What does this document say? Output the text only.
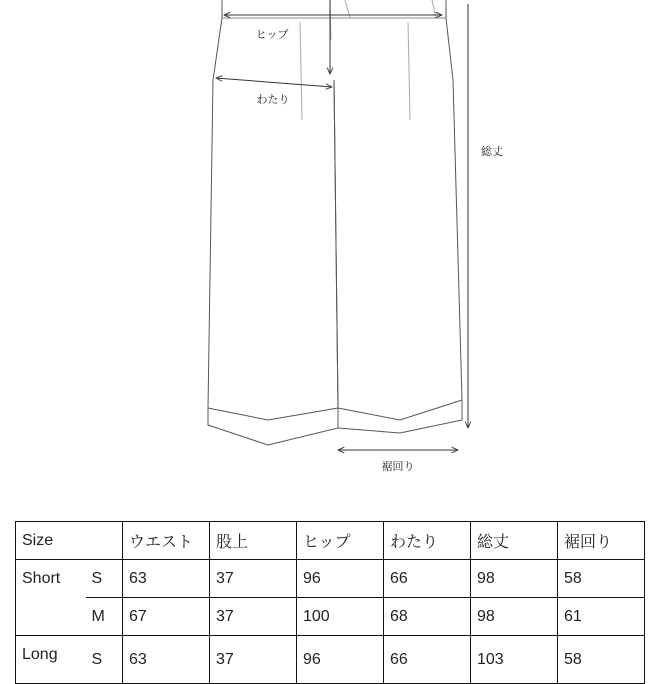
ヒップ
わたり
総丈
裾回り
Size		ウエスト	股上	ヒップ	わたり	総丈	裾回り
Short	S	63	37	96	66	98	58
	M	67	37	100	68	98	61
Long	S	63	37	96	66	103	58
